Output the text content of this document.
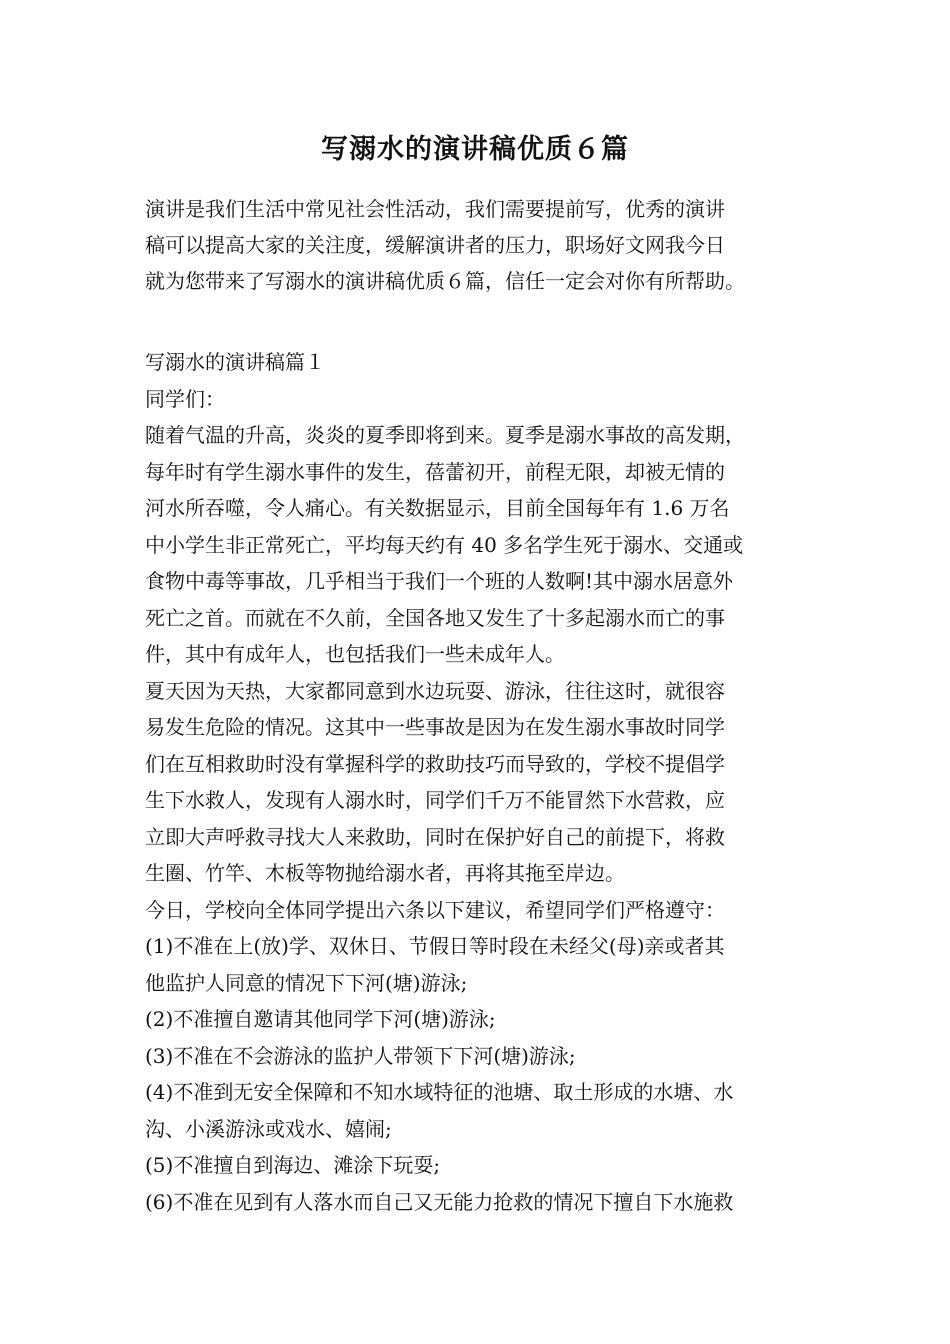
写溺水的演讲稿优质６篇
演讲是我们生活中常见社会性活动，我们需要提前写，优秀的演讲
稿可以提高大家的关注度，缓解演讲者的压力，职场好文网我今日
就为您带来了写溺水的演讲稿优质６篇，信任一定会对你有所帮助。
写溺水的演讲稿篇１
同学们：
随着气温的升高，炎炎的夏季即将到来。夏季是溺水事故的高发期，
每年时有学生溺水事件的发生，蓓蕾初开，前程无限，却被无情的
河水所吞噬，令人痛心。有关数据显示，目前全国每年有 1.6 万名
中小学生非正常死亡，平均每天约有 40 多名学生死于溺水、交通或
食物中毒等事故，几乎相当于我们一个班的人数啊!其中溺水居意外
死亡之首。而就在不久前，全国各地又发生了十多起溺水而亡的事
件，其中有成年人，也包括我们一些未成年人。
夏天因为天热，大家都同意到水边玩耍、游泳，往往这时，就很容
易发生危险的情况。这其中一些事故是因为在发生溺水事故时同学
们在互相救助时没有掌握科学的救助技巧而导致的，学校不提倡学
生下水救人，发现有人溺水时，同学们千万不能冒然下水营救，应
立即大声呼救寻找大人来救助，同时在保护好自己的前提下，将救
生圈、竹竿、木板等物抛给溺水者，再将其拖至岸边。
今日，学校向全体同学提出六条以下建议，希望同学们严格遵守：
(1)不准在上(放)学、双休日、节假日等时段在未经父(母)亲或者其
他监护人同意的情况下下河(塘)游泳;
(2)不准擅自邀请其他同学下河(塘)游泳;
(3)不准在不会游泳的监护人带领下下河(塘)游泳;
(4)不准到无安全保障和不知水域特征的池塘、取土形成的水塘、水
沟、小溪游泳或戏水、嬉闹;
(5)不准擅自到海边、滩涂下玩耍;
(6)不准在见到有人落水而自己又无能力抢救的情况下擅自下水施救
